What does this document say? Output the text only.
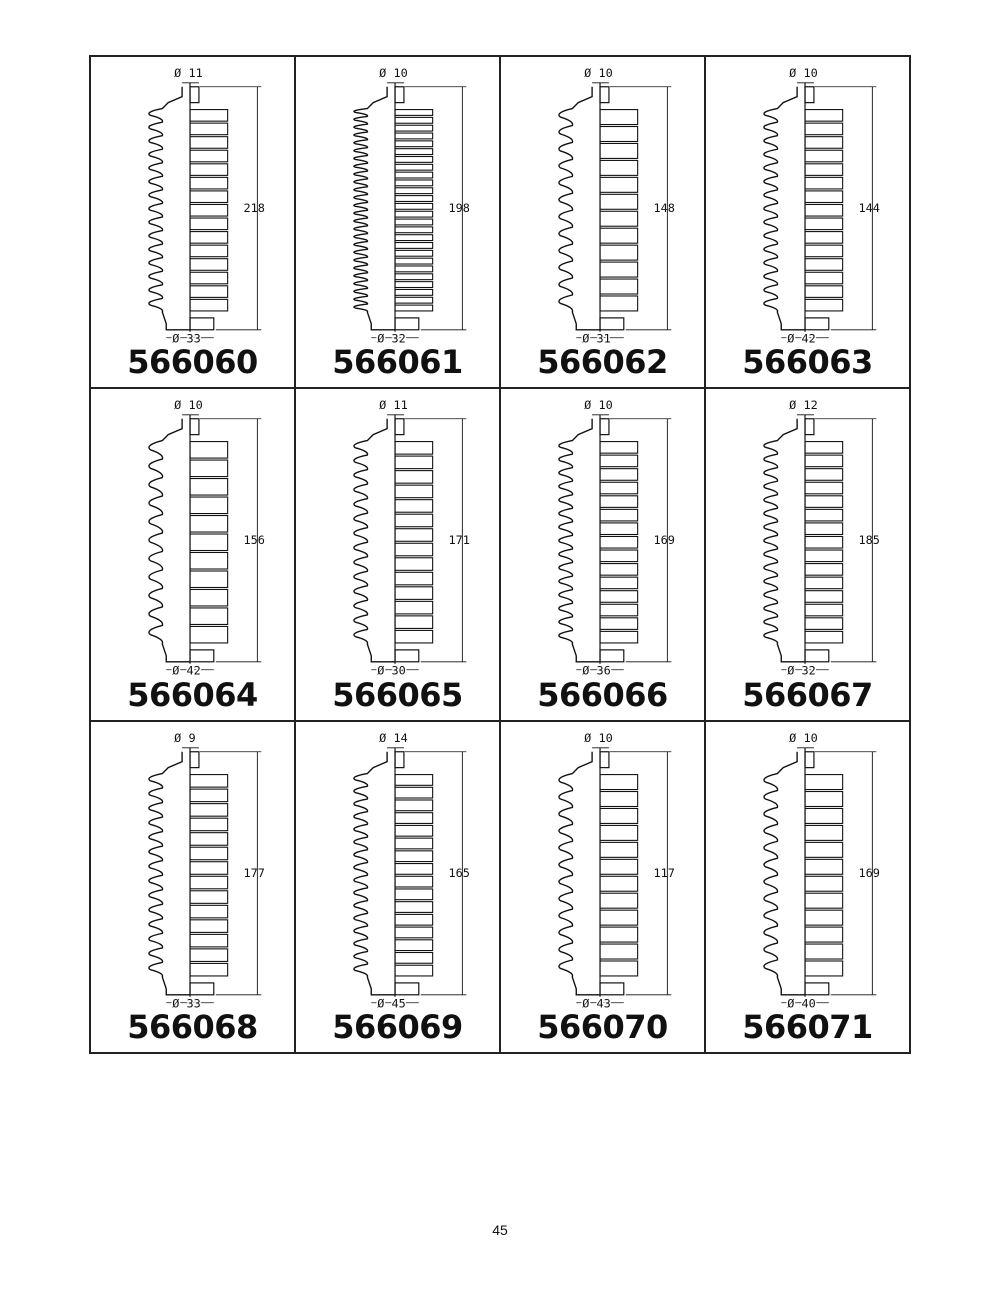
218
Ø 11
Ø 33
566060
198
Ø 10
Ø 32
566061
148
Ø 10
Ø 31
566062
144
Ø 10
Ø 42
566063
156
Ø 10
Ø 42
566064
171
Ø 11
Ø 30
566065
169
Ø 10
Ø 36
566066
185
Ø 12
Ø 32
566067
177
Ø 9
Ø 33
566068
165
Ø 14
Ø 45
566069
117
Ø 10
Ø 43
566070
169
Ø 10
Ø 40
566071
45
